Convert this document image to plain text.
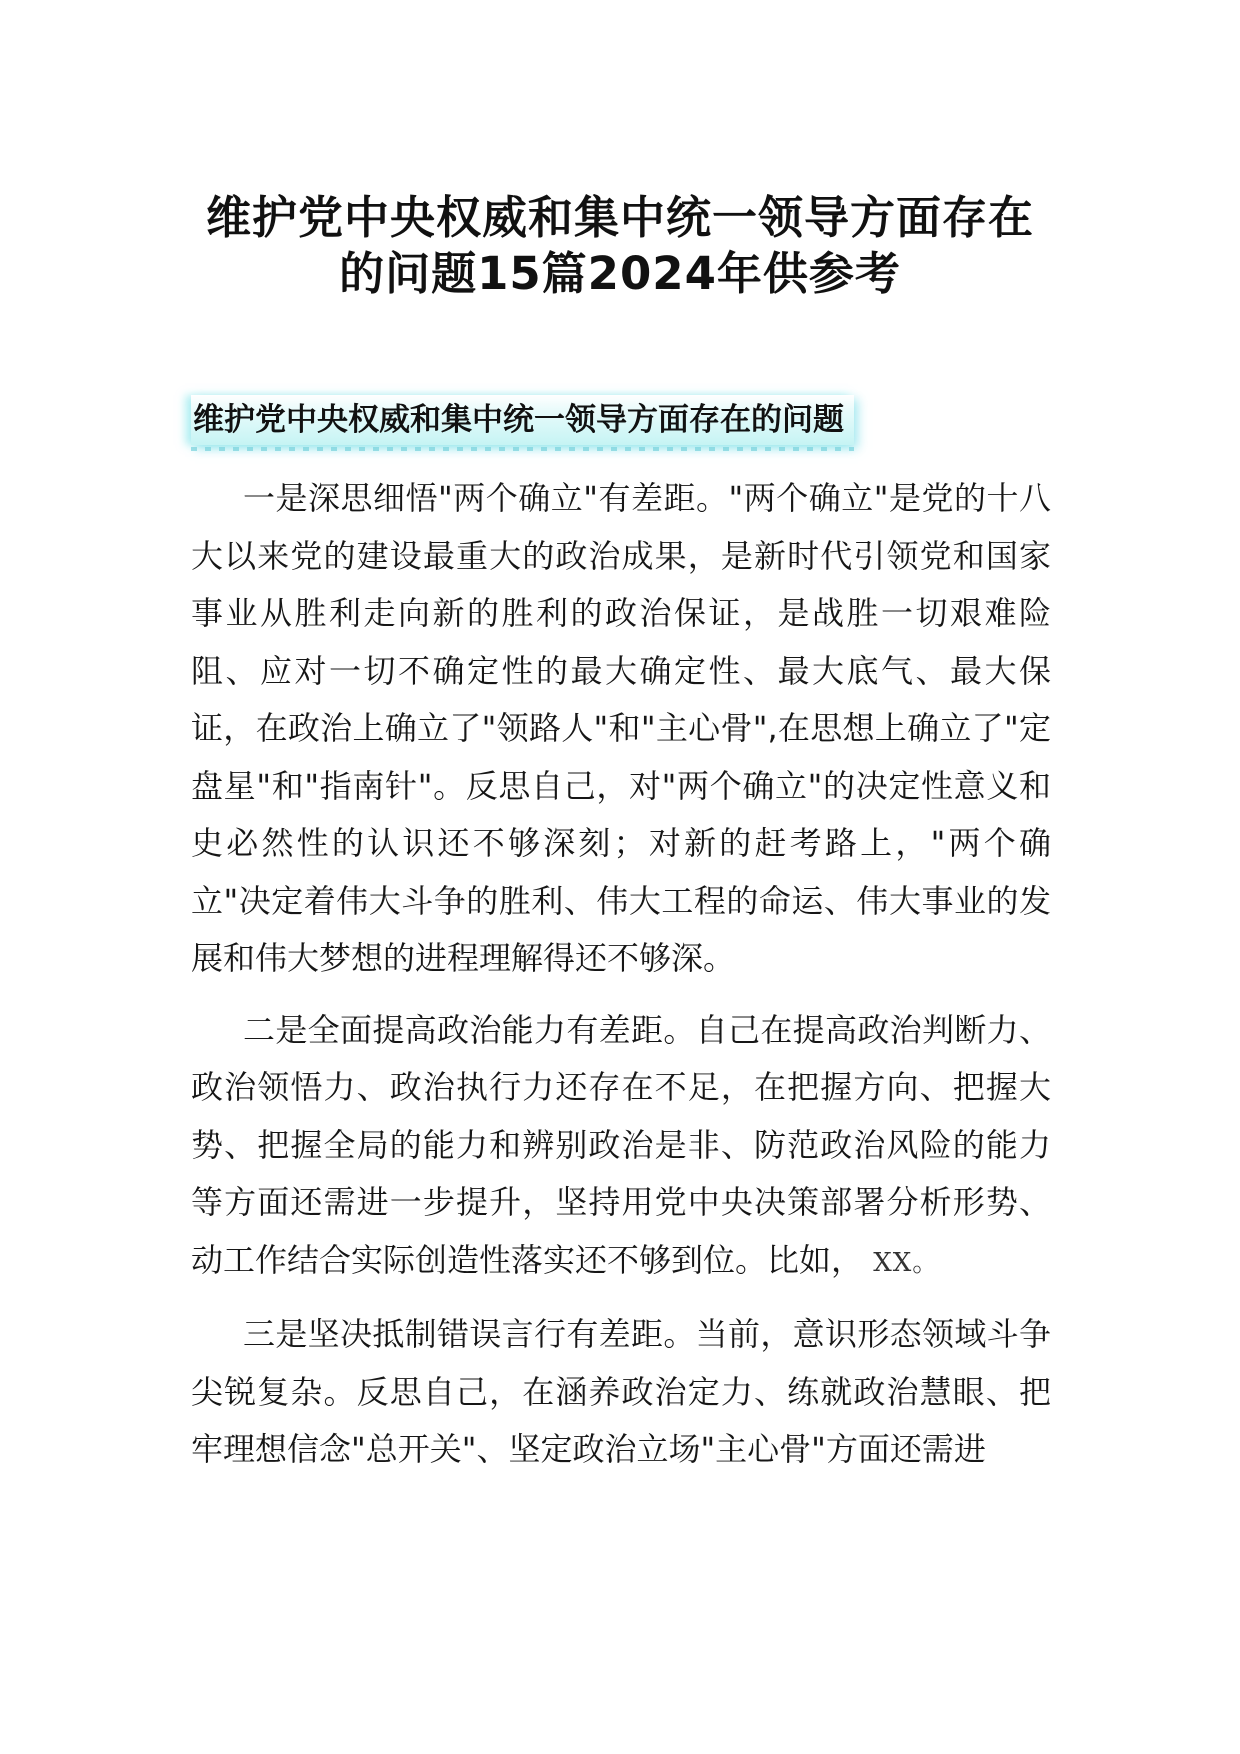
维护党中央权威和集中统一领导方面存在
的问题15篇2024年供参考
维护党中央权威和集中统一领导方面存在的问题

一是深思细悟"两个确立"有差距。"两个确立"是党的十八大以来党的建设最重大的政治成果，是新时代引领党和国家事业从胜利走向新的胜利的政治保证，是战胜一切艰难险阻、应对一切不确定性的最大确定性、最大底气、最大保证，在政治上确立了"领路人"和"主心骨",在思想上确立了"定盘星"和"指南针"。反思自己，对"两个确立"的决定性意义和史必然性的认识还不够深刻；对新的赶考路上，"两个确立"决定着伟大斗争的胜利、伟大工程的命运、伟大事业的发展和伟大梦想的进程理解得还不够深。

二是全面提高政治能力有差距。自己在提高政治判断力、政治领悟力、政治执行力还存在不足，在把握方向、把握大势、把握全局的能力和辨别政治是非、防范政治风险的能力等方面还需进一步提升，坚持用党中央决策部署分析形势、动工作结合实际创造性落实还不够到位。比如， XX。

三是坚决抵制错误言行有差距。当前，意识形态领域斗争尖锐复杂。反思自己，在涵养政治定力、练就政治慧眼、把牢理想信念"总开关"、坚定政治立场"主心骨"方面还需进
